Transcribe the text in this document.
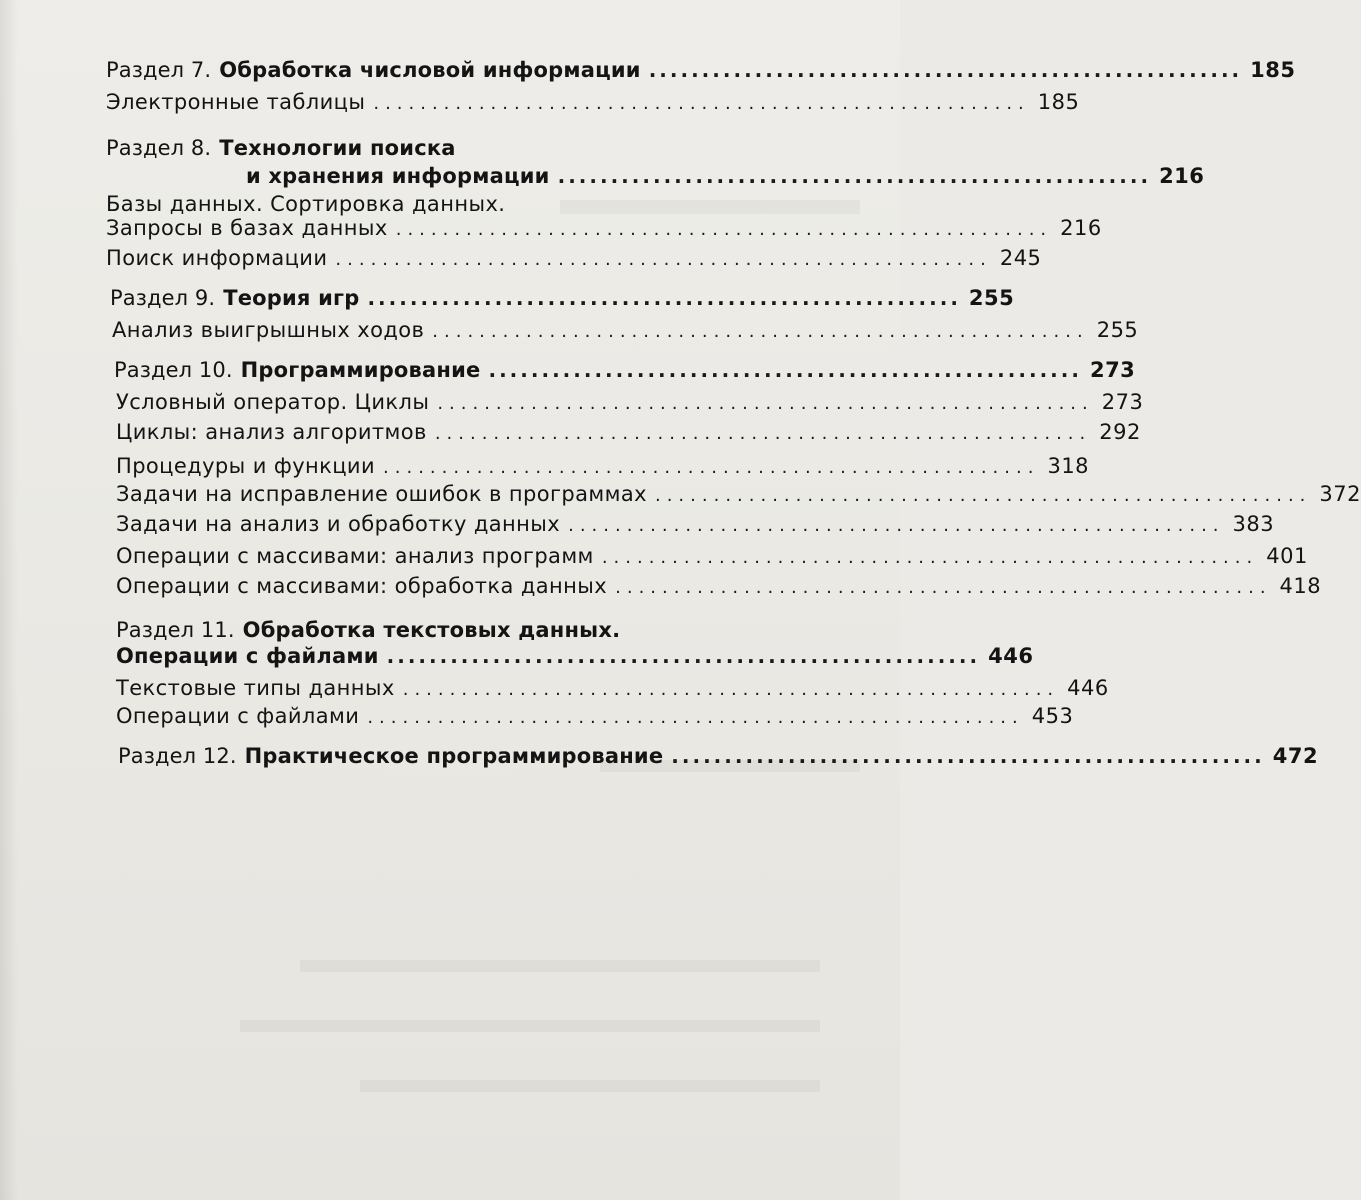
Раздел 7. Обработка числовой информации ........................................................ 185
Электронные таблицы ........................................................ 185
Раздел 8. Технологии поиска
и хранения информации ........................................................ 216
Базы данных. Сортировка данных.
Запросы в базах данных ........................................................ 216
Поиск информации ........................................................ 245
Раздел 9. Теория игр ........................................................ 255
Анализ выигрышных ходов ........................................................ 255
Раздел 10. Программирование ........................................................ 273
Условный оператор. Циклы ........................................................ 273
Циклы: анализ алгоритмов ........................................................ 292
Процедуры и функции ........................................................ 318
Задачи на исправление ошибок в программах ........................................................ 372
Задачи на анализ и обработку данных ........................................................ 383
Операции с массивами: анализ программ ........................................................ 401
Операции с массивами: обработка данных ........................................................ 418
Раздел 11. Обработка текстовых данных.
Операции с файлами ........................................................ 446
Текстовые типы данных ........................................................ 446
Операции с файлами ........................................................ 453
Раздел 12. Практическое программирование ........................................................ 472
